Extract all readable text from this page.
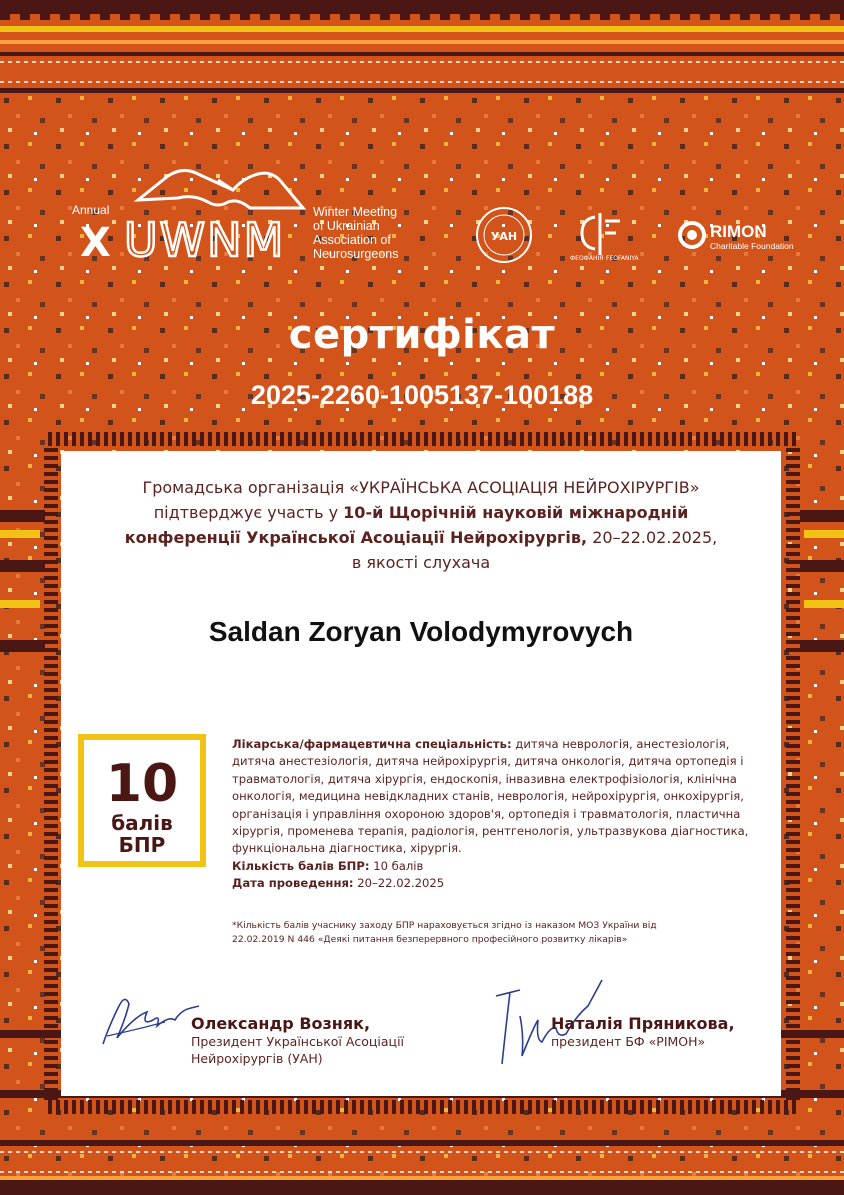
Annual
X UWNM
Winter Meeting
of Ukrainian
Association of
Neurosurgeons
УАН
ФЕОФАНІЯ FEOFANIYA
RIMON
Charitable Foundation
сертифікат
2025-2260-1005137-100188
Громадська організація «УКРАЇНСЬКА АСОЦІАЦІЯ НЕЙРОХІРУРГІВ»
підтверджує участь у 10-й Щорічній науковій міжнародній
конференції Української Асоціації Нейрохірургів, 20–22.02.2025,
в якості слухача
Saldan Zoryan Volodymyrovych
10
балів
БПР
Лікарська/фармацевтична спеціальність: дитяча неврологія, анестезіологія, дитяча анестезіологія, дитяча нейрохірургія, дитяча онкологія, дитяча ортопедія і травматологія, дитяча хірургія, ендоскопія, інвазивна електрофізіологія, клінічна онкологія, медицина невідкладних станів, неврологія, нейрохірургія, онкохірургія, організація і управління охороною здоров'я, ортопедія і травматологія, пластична хірургія, променева терапія, радіологія, рентгенологія, ультразвукова діагностика, функціональна діагностика, хірургія.
Кількість балів БПР: 10 балів
Дата проведення: 20–22.02.2025
*Кількість балів учаснику заходу БПР нараховується згідно із наказом МОЗ України від
22.02.2019 N 446 «Деякі питання безперервного професійного розвитку лікарів»
Олександр Возняк,
Президент Української Асоціації
Нейрохірургів (УАН)
Наталія Пряникова,
президент БФ «РІМОН»
